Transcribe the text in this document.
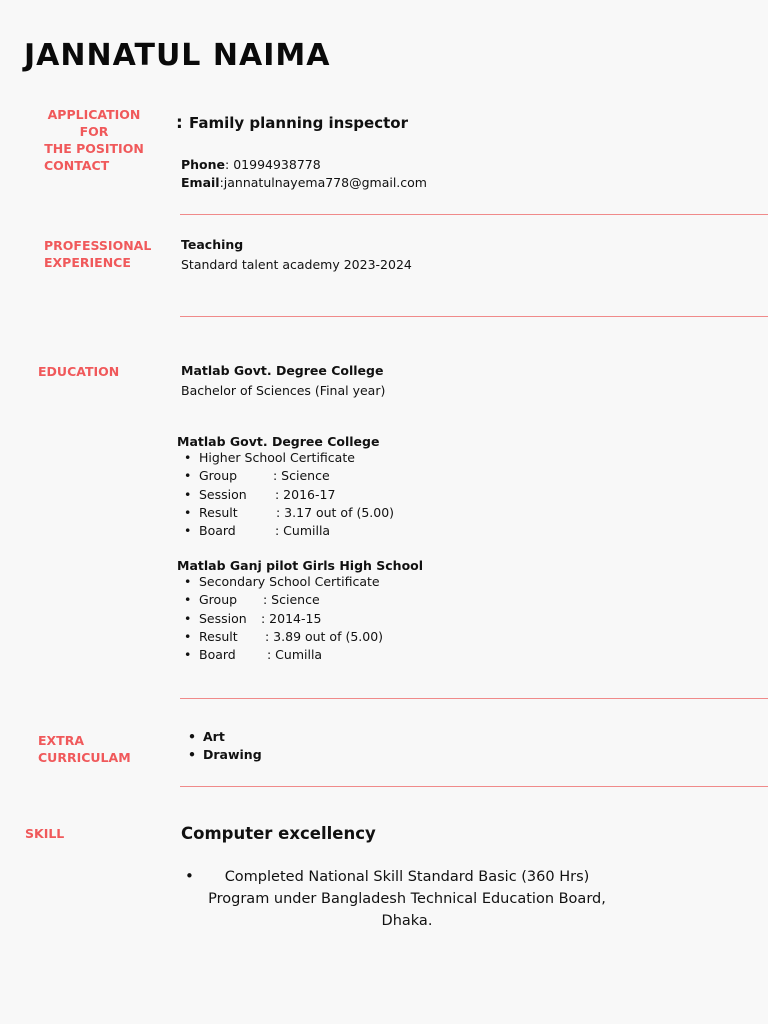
JANNATUL NAIMA
APPLICATION FOR
THE POSITION
: Family planning inspector
CONTACT	Phone: 01994938778
Email:jannatulnayema778@gmail.com
PROFESSIONAL
EXPERIENCE
Teaching
Standard talent academy 2023-2024
EDUCATION	Matlab Govt. Degree College
Bachelor of Sciences (Final year)
Matlab Govt. Degree College
• Higher School Certificate
• Group	: Science
• Session : 2016-17
• Result	: 3.17 out of (5.00)
• Board	: Cumilla
Matlab Ganj pilot Girls High School
• Secondary School Certificate
• Group : Science
• Session : 2014-15
• Result : 3.89 out of (5.00)
• Board	: Cumilla
EXTRA
CURRICULAM
• Art
• Drawing
SKILL	Computer excellency
•	Completed National Skill Standard Basic (360 Hrs)
Program under Bangladesh Technical Education Board,
Dhaka.
